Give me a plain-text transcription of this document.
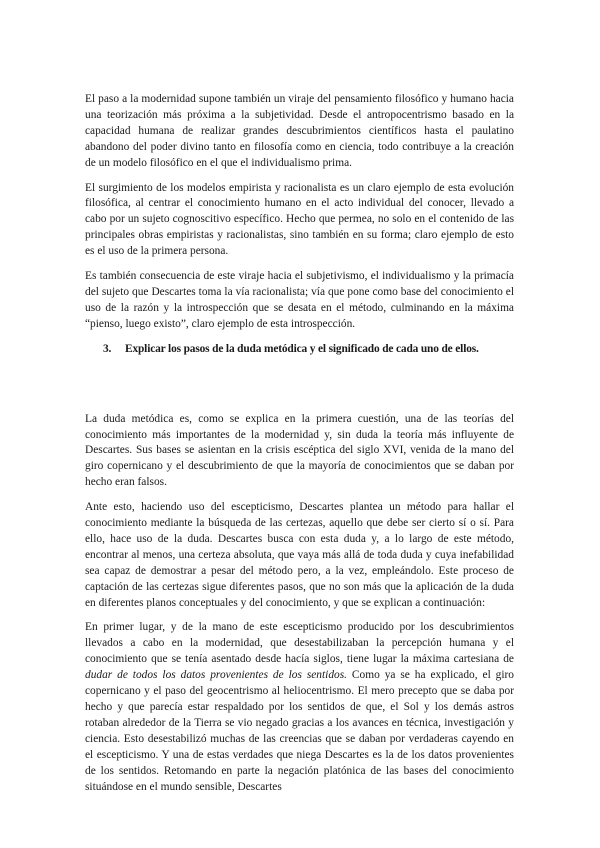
El paso a la modernidad supone también un viraje del pensamiento filosófico y humano hacia una teorización más próxima a la subjetividad. Desde el antropocentrismo basado en la capacidad humana de realizar grandes descubrimientos científicos hasta el paulatino abandono del poder divino tanto en filosofía como en ciencia, todo contribuye a la creación de un modelo filosófico en el que el individualismo prima.

El surgimiento de los modelos empirista y racionalista es un claro ejemplo de esta evolución filosófica, al centrar el conocimiento humano en el acto individual del conocer, llevado a cabo por un sujeto cognoscitivo específico. Hecho que permea, no solo en el contenido de las principales obras empiristas y racionalistas, sino también en su forma; claro ejemplo de esto es el uso de la primera persona.

Es también consecuencia de este viraje hacia el subjetivismo, el individualismo y la primacía del sujeto que Descartes toma la vía racionalista; vía que pone como base del conocimiento el uso de la razón y la introspección que se desata en el método, culminando en la máxima “pienso, luego existo”, claro ejemplo de esta introspección.

3. Explicar los pasos de la duda metódica y el significado de cada uno de ellos.

La duda metódica es, como se explica en la primera cuestión, una de las teorías del conocimiento más importantes de la modernidad y, sin duda la teoría más influyente de Descartes. Sus bases se asientan en la crisis escéptica del siglo XVI, venida de la mano del giro copernicano y el descubrimiento de que la mayoría de conocimientos que se daban por hecho eran falsos.

Ante esto, haciendo uso del escepticismo, Descartes plantea un método para hallar el conocimiento mediante la búsqueda de las certezas, aquello que debe ser cierto sí o sí. Para ello, hace uso de la duda. Descartes busca con esta duda y, a lo largo de este método, encontrar al menos, una certeza absoluta, que vaya más allá de toda duda y cuya inefabilidad sea capaz de demostrar a pesar del método pero, a la vez, empleándolo. Este proceso de captación de las certezas sigue diferentes pasos, que no son más que la aplicación de la duda en diferentes planos conceptuales y del conocimiento, y que se explican a continuación:

En primer lugar, y de la mano de este escepticismo producido por los descubrimientos llevados a cabo en la modernidad, que desestabilizaban la percepción humana y el conocimiento que se tenía asentado desde hacía siglos, tiene lugar la máxima cartesiana de dudar de todos los datos provenientes de los sentidos. Como ya se ha explicado, el giro copernicano y el paso del geocentrismo al heliocentrismo. El mero precepto que se daba por hecho y que parecía estar respaldado por los sentidos de que, el Sol y los demás astros rotaban alrededor de la Tierra se vio negado gracias a los avances en técnica, investigación y ciencia. Esto desestabilizó muchas de las creencias que se daban por verdaderas cayendo en el escepticismo. Y una de estas verdades que niega Descartes es la de los datos provenientes de los sentidos. Retomando en parte la negación platónica de las bases del conocimiento situándose en el mundo sensible, Descartes
